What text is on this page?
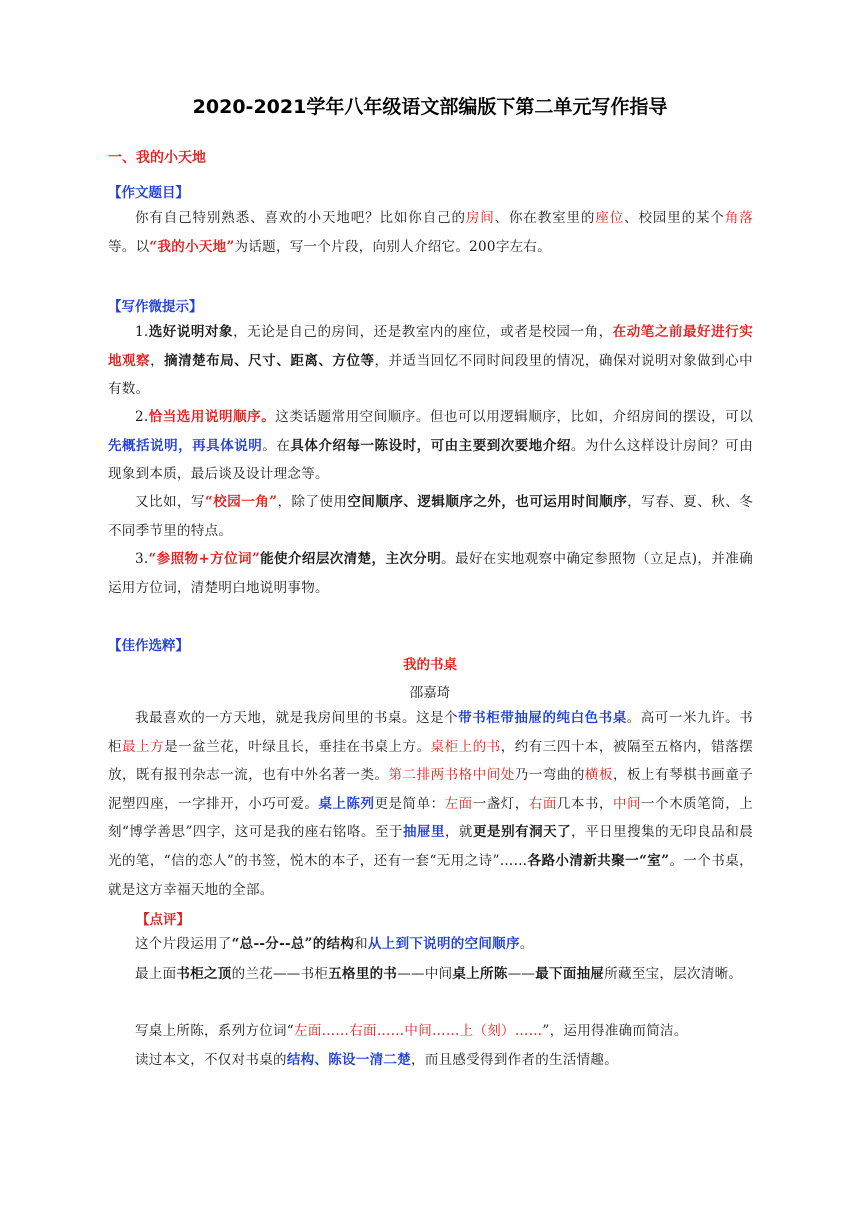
2020-2021学年八年级语文部编版下第二单元写作指导
一、我的小天地
【作文题目】
你有自己特别熟悉、喜欢的小天地吧？比如你自己的房间、你在教室里的座位、校园里的某个角落等。以“我的小天地”为话题，写一个片段，向别人介绍它。200字左右。
【写作微提示】
1.选好说明对象，无论是自己的房间，还是教室内的座位，或者是校园一角，在动笔之前最好进行实地观察，摘清楚布局、尺寸、距离、方位等，并适当回忆不同时间段里的情况，确保对说明对象做到心中有数。
2.恰当选用说明顺序。这类话题常用空间顺序。但也可以用逻辑顺序，比如，介绍房间的摆设，可以先概括说明，再具体说明。在具体介绍每一陈设时，可由主要到次要地介绍。为什么这样设计房间？可由现象到本质，最后谈及设计理念等。
又比如，写“校园一角”，除了使用空间顺序、逻辑顺序之外，也可运用时间顺序，写春、夏、秋、冬不同季节里的特点。
3.“参照物+方位词”能使介绍层次清楚，主次分明。最好在实地观察中确定参照物（立足点)，并准确运用方位词，清楚明白地说明事物。
【佳作选粹】
我的书桌
邵嘉琦
我最喜欢的一方天地，就是我房间里的书桌。这是个带书柜带抽屉的纯白色书桌。高可一米九许。书柜最上方是一盆兰花，叶绿且长，垂挂在书桌上方。桌柜上的书，约有三四十本，被隔至五格内，错落摆放，既有报刊杂志一流，也有中外名著一类。第二排两书格中间处乃一弯曲的横板，板上有琴棋书画童子泥塑四座，一字排开，小巧可爱。桌上陈列更是简单：左面一盏灯，右面几本书，中间一个木质笔筒，上刻“博学善思”四字，这可是我的座右铭咯。至于抽屉里，就更是别有洞天了，平日里搜集的无印良品和晨光的笔，“信的恋人”的书签，悦木的本子，还有一套“无用之诗”……各路小清新共聚一“室”。一个书桌，就是这方幸福天地的全部。
【点评】
这个片段运用了“总--分--总”的结构和从上到下说明的空间顺序。
最上面书柜之顶的兰花——书柜五格里的书——中间桌上所陈——最下面抽屉所藏至宝，层次清晰。
写桌上所陈，系列方位词“左面……右面……中间……上（刻）……”，运用得准确而简洁。
读过本文，不仅对书桌的结构、陈设一清二楚，而且感受得到作者的生活情趣。
